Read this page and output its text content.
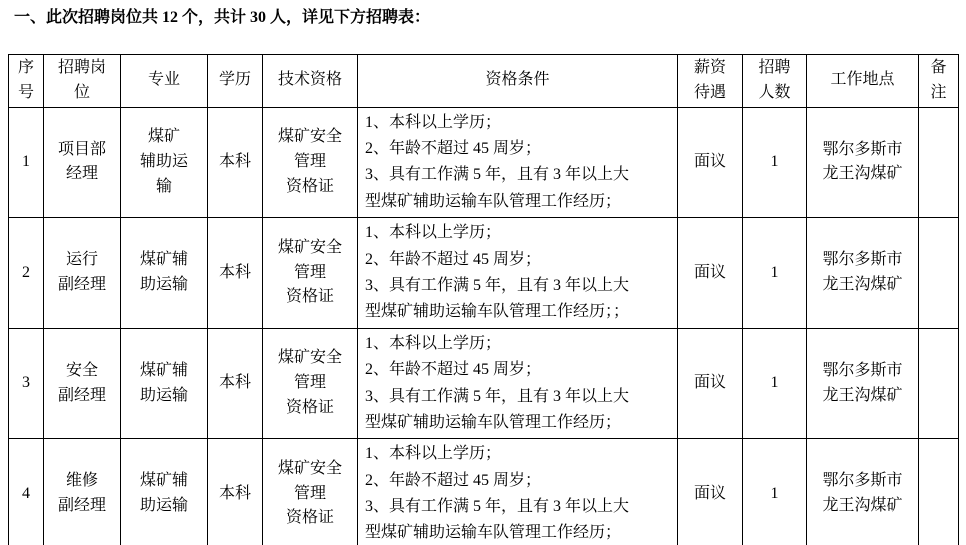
一、此次招聘岗位共 12 个，共计 30 人，详见下方招聘表：

序
号	招聘岗
位	专业	学历	技术资格	资格条件	薪资
待遇	招聘
人数	工作地点	备
注
1	项目部
经理	煤矿
辅助运
输	本科	煤矿安全
管理
资格证	1、本科以上学历；
2、年龄不超过 45 周岁；
3、具有工作满 5 年，且有 3 年以上大
型煤矿辅助运输车队管理工作经历；	面议	1	鄂尔多斯市
龙王沟煤矿	
2	运行
副经理	煤矿辅
助运输	本科	煤矿安全
管理
资格证	1、本科以上学历；
2、年龄不超过 45 周岁；
3、具有工作满 5 年，且有 3 年以上大
型煤矿辅助运输车队管理工作经历；；	面议	1	鄂尔多斯市
龙王沟煤矿	
3	安全
副经理	煤矿辅
助运输	本科	煤矿安全
管理
资格证	1、本科以上学历；
2、年龄不超过 45 周岁；
3、具有工作满 5 年，且有 3 年以上大
型煤矿辅助运输车队管理工作经历；	面议	1	鄂尔多斯市
龙王沟煤矿	
4	维修
副经理	煤矿辅
助运输	本科	煤矿安全
管理
资格证	1、本科以上学历；
2、年龄不超过 45 周岁；
3、具有工作满 5 年，且有 3 年以上大
型煤矿辅助运输车队管理工作经历；	面议	1	鄂尔多斯市
龙王沟煤矿	
